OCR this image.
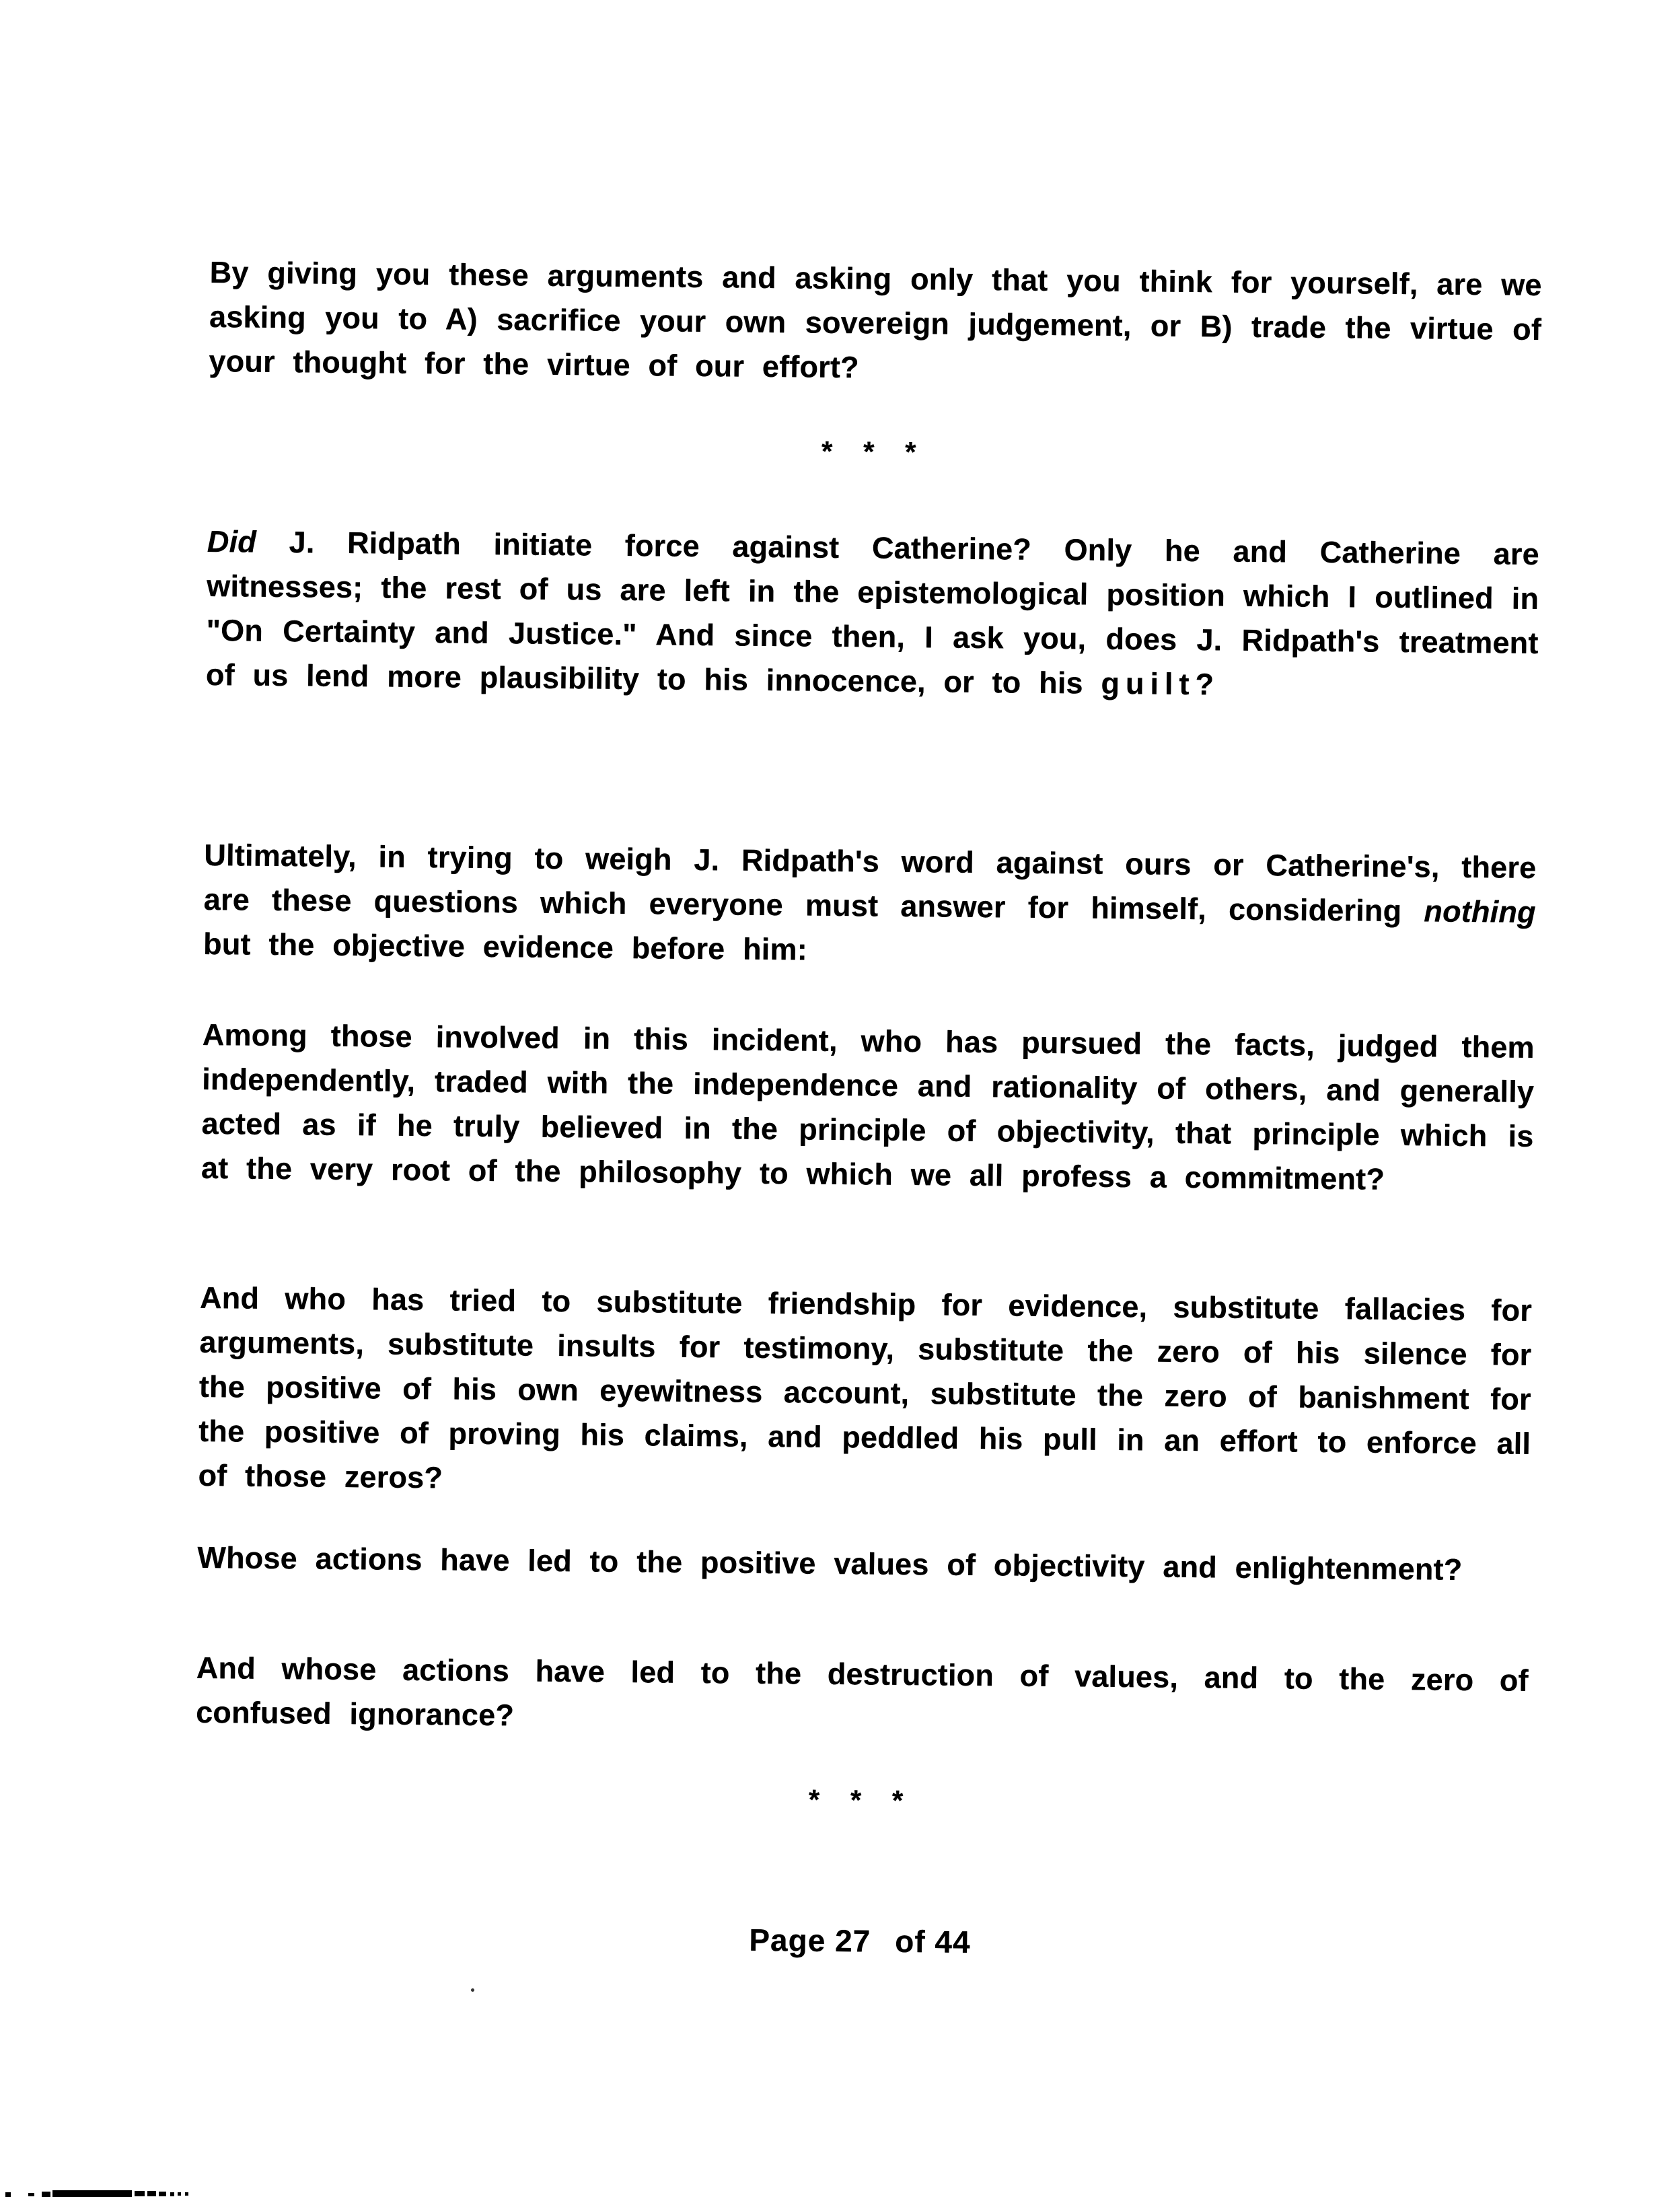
By giving you these arguments and asking only that you think for yourself, are we asking you to A) sacrifice your own sovereign judgement, or B) trade the virtue of your thought for the virtue of our effort?

* * *

Did J. Ridpath initiate force against Catherine? Only he and Catherine are witnesses; the rest of us are left in the epistemological position which I outlined in "On Certainty and Justice." And since then, I ask you, does J. Ridpath's treatment of us lend more plausibility to his innocence, or to his guilt?

Ultimately, in trying to weigh J. Ridpath's word against ours or Catherine's, there are these questions which everyone must answer for himself, considering nothing but the objective evidence before him:

Among those involved in this incident, who has pursued the facts, judged them independently, traded with the independence and rationality of others, and generally acted as if he truly believed in the principle of objectivity, that principle which is at the very root of the philosophy to which we all profess a commitment?

And who has tried to substitute friendship for evidence, substitute fallacies for arguments, substitute insults for testimony, substitute the zero of his silence for the positive of his own eyewitness account, substitute the zero of banishment for the positive of proving his claims, and peddled his pull in an effort to enforce all of those zeros?

Whose actions have led to the positive values of objectivity and enlightenment?

And whose actions have led to the destruction of values, and to the zero of confused ignorance?

* * *
Page 27 of 44
